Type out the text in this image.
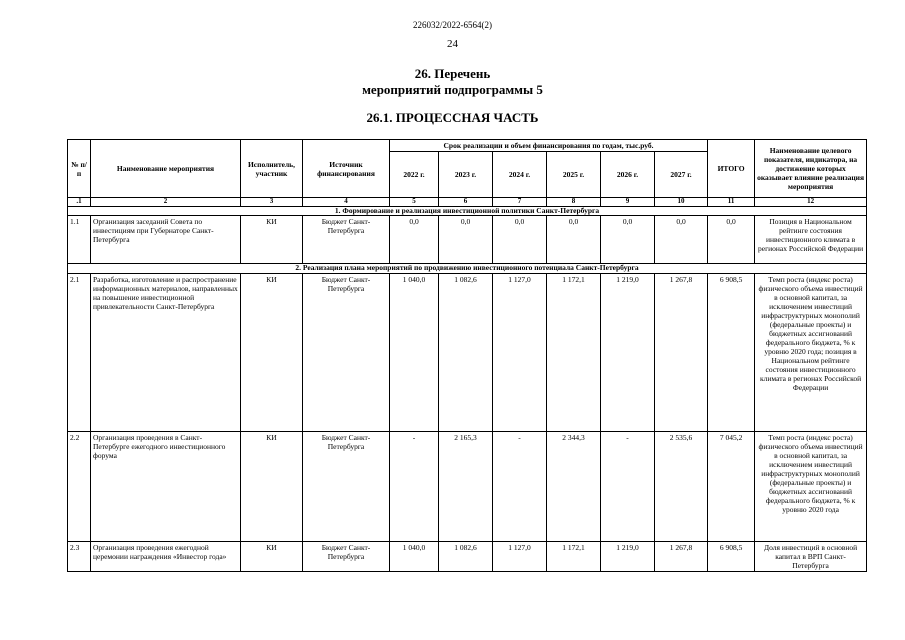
226032/2022-6564(2)
24
26. Перечень
мероприятий подпрограммы 5
26.1. ПРОЦЕССНАЯ ЧАСТЬ
№ п/п	Наименование мероприятия	Исполнитель, участник	Источник финансирования	Срок реализации и объем финансирования по годам, тыс.руб.						ИТОГО	Наименование целевого показателя, индикатора, на достижение которых оказывает влияние реализация мероприятия
				2022 г.	2023 г.	2024 г.	2025 г.	2026 г.	2027 г.		
.1	2	3	4	5	6	7	8	9	10	11	12
1. Формирование и реализация инвестиционной политики Санкт-Петербурга											
1.1	Организация заседаний Совета по инвестициям при Губернаторе Санкт-Петербурга	КИ	Бюджет Санкт-Петербурга	0,0	0,0	0,0	0,0	0,0	0,0	0,0	Позиция в Национальном рейтинге состояния инвестиционного климата в регионах Российской Федерации
2. Реализация плана мероприятий по продвижению инвестиционного потенциала Санкт-Петербурга											
2.1	Разработка, изготовление и распространение информационных материалов, направленных на повышение инвестиционной привлекательности Санкт-Петербурга	КИ	Бюджет Санкт-Петербурга	1 040,0	1 082,6	1 127,0	1 172,1	1 219,0	1 267,8	6 908,5	Темп роста (индекс роста) физического объема инвестиций в основной капитал, за исключением инвестиций инфраструктурных монополий (федеральные проекты) и бюджетных ассигнований федерального бюджета, % к уровню 2020 года; позиция в Национальном рейтинге состояния инвестиционного климата в регионах Российской Федерации
2.2	Организация проведения в Санкт-Петербурге ежегодного инвестиционного форума	КИ	Бюджет Санкт-Петербурга	-	2 165,3	-	2 344,3	-	2 535,6	7 045,2	Темп роста (индекс роста) физического объема инвестиций в основной капитал, за исключением инвестиций инфраструктурных монополий (федеральные проекты) и бюджетных ассигнований федерального бюджета, % к уровню 2020 года
2.3	Организация проведения ежегодной церемонии награждения «Инвестор года»	КИ	Бюджет Санкт-Петербурга	1 040,0	1 082,6	1 127,0	1 172,1	1 219,0	1 267,8	6 908,5	Доля инвестиций в основной капитал в ВРП Санкт-Петербурга
